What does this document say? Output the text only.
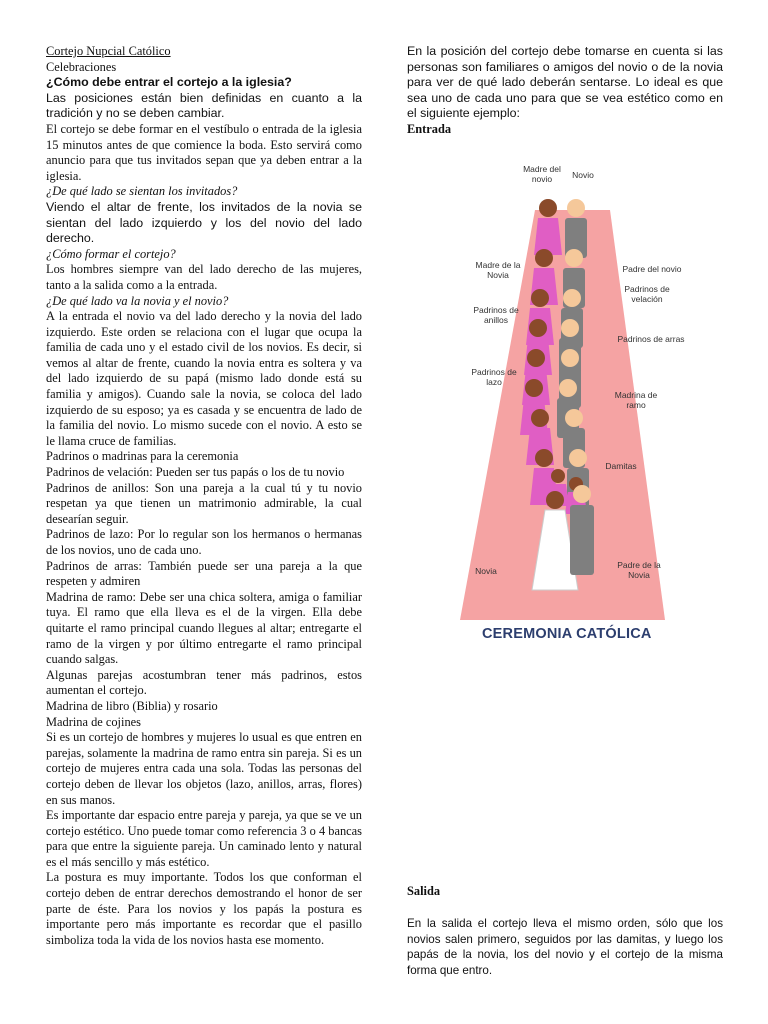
Cortejo Nupcial Católico

Celebraciones

¿Cómo debe entrar el cortejo a la iglesia?

Las posiciones están bien definidas en cuanto a la tradición y no se deben cambiar.

El cortejo se debe formar en el vestíbulo o entrada de la iglesia 15 minutos antes de que comience la boda. Esto servirá como anuncio para que tus invitados sepan que ya deben entrar a la iglesia.

¿De qué lado se sientan los invitados?

Viendo el altar de frente, los invitados de la novia se sientan del lado izquierdo y los del novio del lado derecho.

¿Cómo formar el cortejo?

Los hombres siempre van del lado derecho de las mujeres, tanto a la salida como a la entrada.

¿De qué lado va la novia y el novio?

A la entrada el novio va del lado derecho y la novia del lado izquierdo. Este orden se relaciona con el lugar que ocupa la familia de cada uno y el estado civil de los novios. Es decir, si vemos al altar de frente, cuando la novia entra es soltera y va del lado izquierdo de su papá (mismo lado donde está su familia y amigos). Cuando sale la novia, se coloca del lado izquierdo de su esposo; ya es casada y se encuentra de lado de la familia del novio. Lo mismo sucede con el novio. A esto se le llama cruce de familias.

Padrinos o madrinas para la ceremonia

Padrinos de velación: Pueden ser tus papás o los de tu novio

Padrinos de anillos: Son una pareja a la cual tú y tu novio respetan ya que tienen un matrimonio admirable, la cual desearían seguir.

Padrinos de lazo: Por lo regular son los hermanos o hermanas de los novios, uno de cada uno.

Padrinos de arras: También puede ser una pareja a la que respeten y admiren

Madrina de ramo: Debe ser una chica soltera, amiga o familiar tuya. El ramo que ella lleva es el de la virgen. Ella debe quitarte el ramo principal cuando llegues al altar; entregarte el ramo de la virgen y por último entregarte el ramo principal cuando salgas.

Algunas parejas acostumbran tener más padrinos, estos aumentan el cortejo.

Madrina de libro (Biblia) y rosario

Madrina de cojines

Si es un cortejo de hombres y mujeres lo usual es que entren en parejas, solamente la madrina de ramo entra sin pareja. Si es un cortejo de mujeres entra cada una sola. Todas las personas del cortejo deben de llevar los objetos (lazo, anillos, arras, flores) en sus manos.

Es importante dar espacio entre pareja y pareja, ya que se ve un cortejo estético. Uno puede tomar como referencia 3 o 4 bancas para que entre la siguiente pareja. Un caminado lento y natural es el más sencillo y más estético.

La postura es muy importante. Todos los que conforman el cortejo deben de entrar derechos demostrando el honor de ser parte de éste. Para los novios y los papás la postura es importante pero más importante es recordar que el pasillo simboliza toda la vida de los novios hasta ese momento.

En la posición del cortejo debe tomarse en cuenta si las personas son familiares o amigos del novio o de la novia para ver de qué lado deberán sentarse. Lo ideal es que sea uno de cada uno para que se vea estético como en el siguiente ejemplo:

Entrada

Madre del novio	Novio
Madre de la Novia
Padre del novio
Padrinos de velación
Padrinos de anillos
Padrinos de arras
Padrinos de lazo
Madrina de ramo
Damitas
Novia
Padre de la Novia
CEREMONIA CATÓLICA
Salida
En la salida el cortejo lleva el mismo orden, sólo que los novios salen primero, seguidos por las damitas, y luego los papás de la novia, los del novio y el cortejo de la misma forma que entro.
